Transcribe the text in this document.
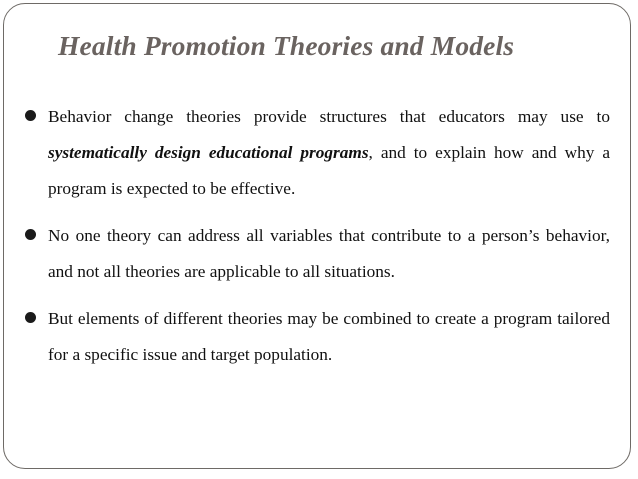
Health Promotion Theories and Models
Behavior change theories provide structures that educators may use to systematically design educational programs, and to explain how and why a program is expected to be effective.
No one theory can address all variables that contribute to a person’s behavior, and not all theories are applicable to all situations.
But elements of different theories may be combined to create a program tailored for a specific issue and target population.
